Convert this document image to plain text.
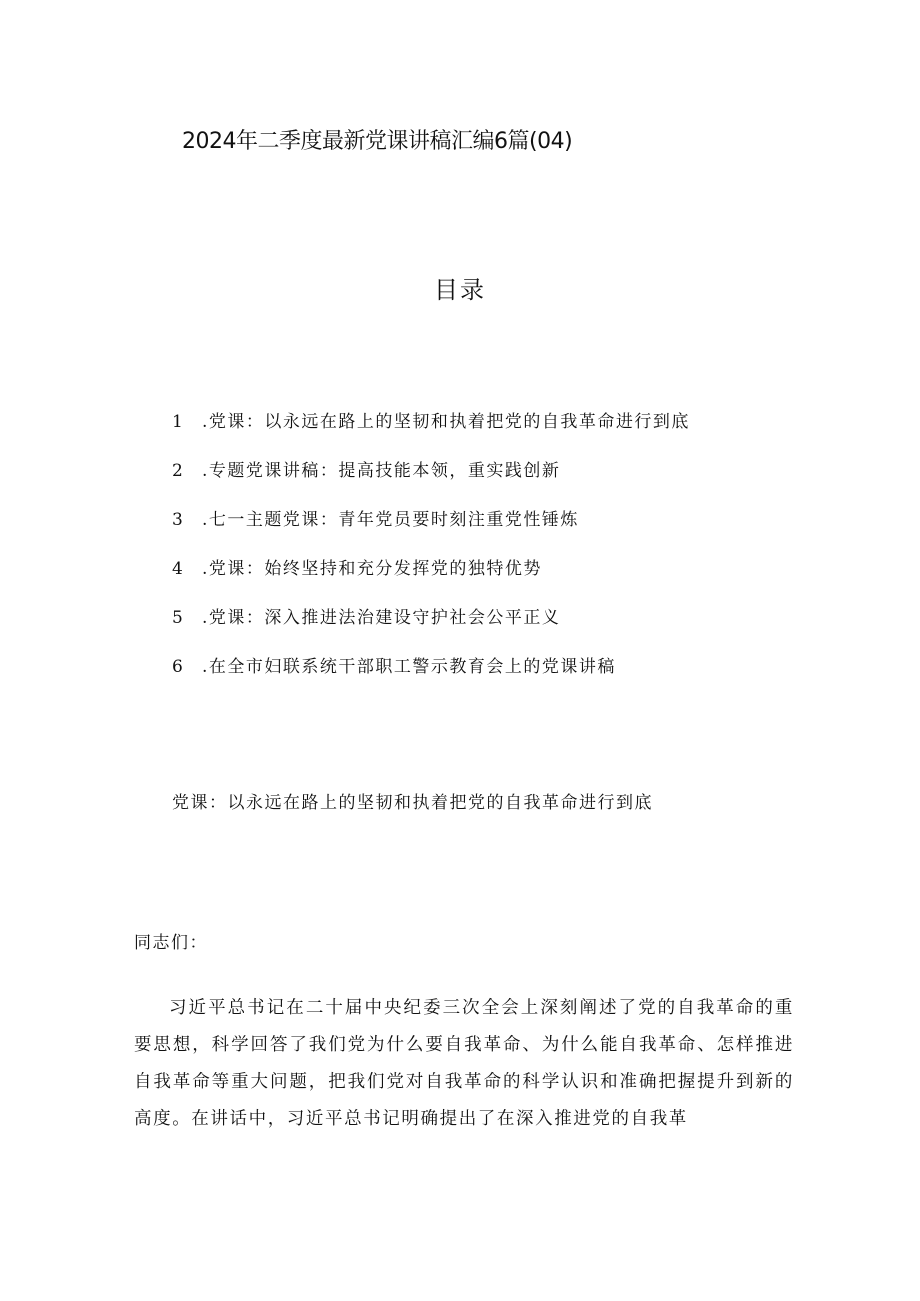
2024年二季度最新党课讲稿汇编6篇(04)
目录
1 .党课：以永远在路上的坚韧和执着把党的自我革命进行到底
2 .专题党课讲稿：提高技能本领，重实践创新
3 .七一主题党课：青年党员要时刻注重党性锤炼
4 .党课：始终坚持和充分发挥党的独特优势
5 .党课：深入推进法治建设守护社会公平正义
6 .在全市妇联系统干部职工警示教育会上的党课讲稿
党课：以永远在路上的坚韧和执着把党的自我革命进行到底
同志们：

习近平总书记在二十届中央纪委三次全会上深刻阐述了党的自我革命的重要思想，科学回答了我们党为什么要自我革命、为什么能自我革命、怎样推进自我革命等重大问题，把我们党对自我革命的科学认识和准确把握提升到新的高度。在讲话中，习近平总书记明确提出了在深入推进党的自我革
